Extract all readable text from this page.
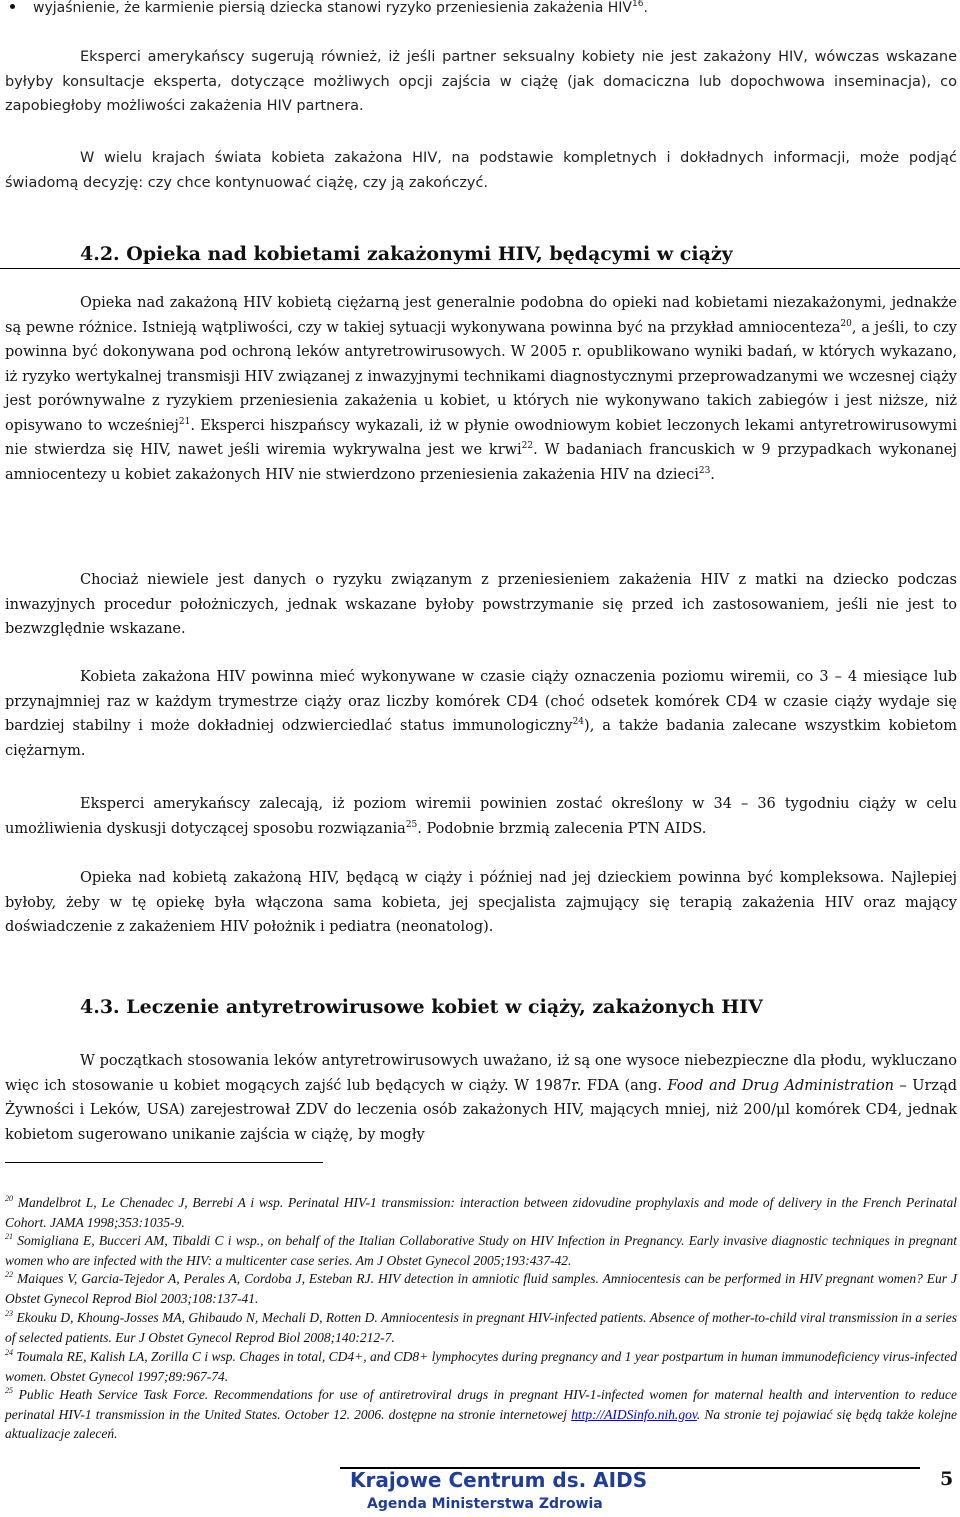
wyjaśnienie, że karmienie piersią dziecka stanowi ryzyko przeniesienia zakażenia HIV$^{16}$.

Eksperci amerykańscy sugerują również, iż jeśli partner seksualny kobiety nie jest zakażony HIV, wówczas wskazane byłyby konsultacje eksperta, dotyczące możliwych opcji zajścia w ciążę (jak domaciczna lub dopochwowa inseminacja), co zapobiegłoby możliwości zakażenia HIV partnera.

W wielu krajach świata kobieta zakażona HIV, na podstawie kompletnych i dokładnych informacji, może podjąć świadomą decyzję: czy chce kontynuować ciążę, czy ją zakończyć.

4.2. Opieka nad kobietami zakażonymi HIV, będącymi w ciąży

Opieka nad zakażoną HIV kobietą ciężarną jest generalnie podobna do opieki nad kobietami niezakażonymi, jednakże są pewne różnice. Istnieją wątpliwości, czy w takiej sytuacji wykonywana powinna być na przykład amniocenteza$^{20}$, a jeśli, to czy powinna być dokonywana pod ochroną leków antyretrowirusowych. W 2005 r. opublikowano wyniki badań, w których wykazano, iż ryzyko wertykalnej transmisji HIV związanej z inwazyjnymi technikami diagnostycznymi przeprowadzanymi we wczesnej ciąży jest porównywalne z ryzykiem przeniesienia zakażenia u kobiet, u których nie wykonywano takich zabiegów i jest niższe, niż opisywano to wcześniej$^{21}$. Eksperci hiszpańscy wykazali, iż w płynie owodniowym kobiet leczonych lekami antyretrowirusowymi nie stwierdza się HIV, nawet jeśli wiremia wykrywalna jest we krwi$^{22}$. W badaniach francuskich w 9 przypadkach wykonanej amniocentezy u kobiet zakażonych HIV nie stwierdzono przeniesienia zakażenia HIV na dzieci$^{23}$.

Chociaż niewiele jest danych o ryzyku związanym z przeniesieniem zakażenia HIV z matki na dziecko podczas inwazyjnych procedur położniczych, jednak wskazane byłoby powstrzymanie się przed ich zastosowaniem, jeśli nie jest to bezwzględnie wskazane.

Kobieta zakażona HIV powinna mieć wykonywane w czasie ciąży oznaczenia poziomu wiremii, co 3 – 4 miesiące lub przynajmniej raz w każdym trymestrze ciąży oraz liczby komórek CD4 (choć odsetek komórek CD4 w czasie ciąży wydaje się bardziej stabilny i może dokładniej odzwierciedlać status immunologiczny$^{24}$), a także badania zalecane wszystkim kobietom ciężarnym.

Eksperci amerykańscy zalecają, iż poziom wiremii powinien zostać określony w 34 – 36 tygodniu ciąży w celu umożliwienia dyskusji dotyczącej sposobu rozwiązania$^{25}$. Podobnie brzmią zalecenia PTN AIDS.

Opieka nad kobietą zakażoną HIV, będącą w ciąży i później nad jej dzieckiem powinna być kompleksowa. Najlepiej byłoby, żeby w tę opiekę była włączona sama kobieta, jej specjalista zajmujący się terapią zakażenia HIV oraz mający doświadczenie z zakażeniem HIV położnik i pediatra (neonatolog).

4.3. Leczenie antyretrowirusowe kobiet w ciąży, zakażonych HIV

W początkach stosowania leków antyretrowirusowych uważano, iż są one wysoce niebezpieczne dla płodu, wykluczano więc ich stosowanie u kobiet mogących zajść lub będących w ciąży. W 1987r. FDA (ang. Food and Drug Administration – Urząd Żywności i Leków, USA) zarejestrował ZDV do leczenia osób zakażonych HIV, mających mniej, niż 200/μl komórek CD4, jednak kobietom sugerowano unikanie zajścia w ciążę, by mogły

$^{20}$ Mandelbrot L, Le Chenadec J, Berrebi A i wsp. Perinatal HIV-1 transmission: interaction between zidovudine prophylaxis and mode of delivery in the French Perinatal Cohort. JAMA 1998;353:1035-9.

$^{21}$ Somigliana E, Bucceri AM, Tibaldi C i wsp., on behalf of the Italian Collaborative Study on HIV Infection in Pregnancy. Early invasive diagnostic techniques in pregnant women who are infected with the HIV: a multicenter case series. Am J Obstet Gynecol 2005;193:437-42.

$^{22}$ Maiques V, Garcia-Tejedor A, Perales A, Cordoba J, Esteban RJ. HIV detection in amniotic fluid samples. Amniocentesis can be performed in HIV pregnant women? Eur J Obstet Gynecol Reprod Biol 2003;108:137-41.

$^{23}$ Ekouku D, Khoung-Josses MA, Ghibaudo N, Mechali D, Rotten D. Amniocentesis in pregnant HIV-infected patients. Absence of mother-to-child viral transmission in a series of selected patients. Eur J Obstet Gynecol Reprod Biol 2008;140:212-7.

$^{24}$ Toumala RE, Kalish LA, Zorilla C i wsp. Chages in total, CD4+, and CD8+ lymphocytes during pregnancy and 1 year postpartum in human immunodeficiency virus-infected women. Obstet Gynecol 1997;89:967-74.

$^{25}$ Public Heath Service Task Force. Recommendations for use of antiretroviral drugs in pregnant HIV-1-infected women for maternal health and intervention to reduce perinatal HIV-1 transmission in the United States. October 12. 2006. dostępne na stronie internetowej http://AIDSinfo.nih.gov. Na stronie tej pojawiać się będą także kolejne aktualizacje zaleceń.

Krajowe Centrum ds. AIDS

Agenda Ministerstwa Zdrowia

5
